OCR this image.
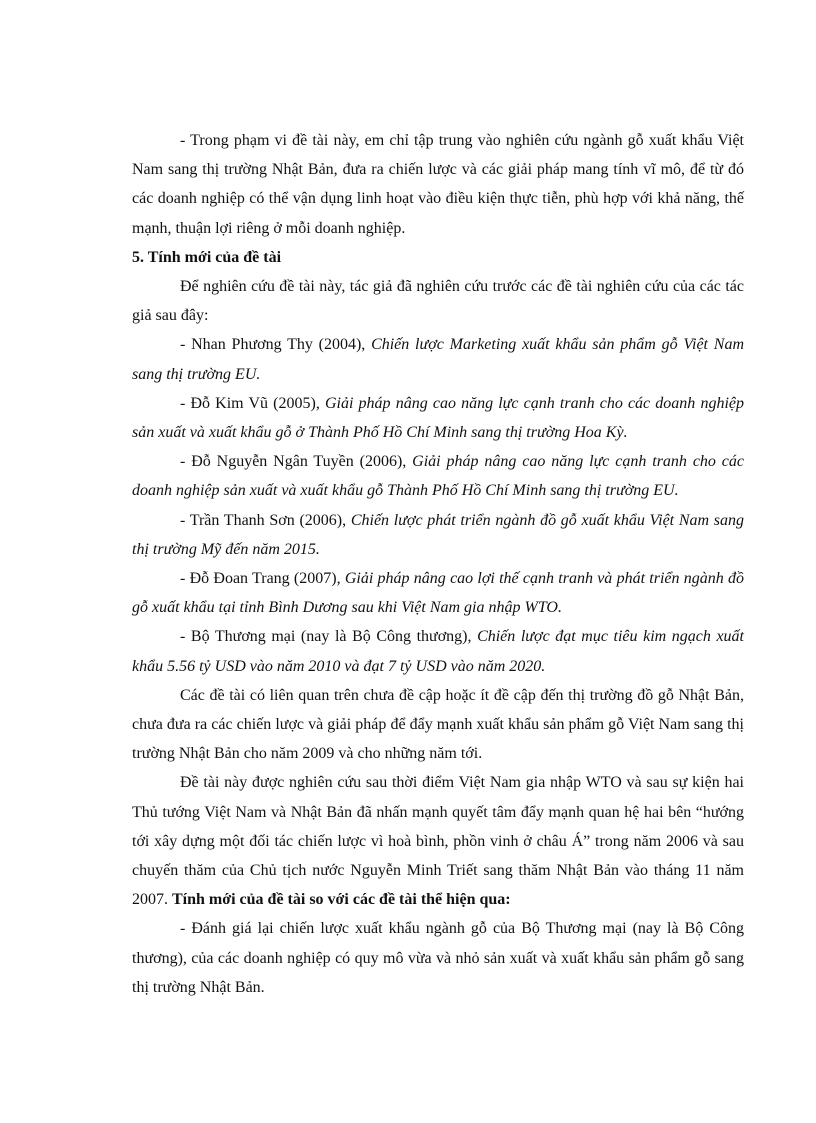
- Trong phạm vi đề tài này, em chỉ tập trung vào nghiên cứu ngành gỗ xuất khẩu Việt Nam sang thị trường Nhật Bản, đưa ra chiến lược và các giải pháp mang tính vĩ mô, để từ đó các doanh nghiệp có thể vận dụng linh hoạt vào điều kiện thực tiễn, phù hợp với khả năng, thế mạnh, thuận lợi riêng ở mỗi doanh nghiệp.

5. Tính mới của đề tài

Để nghiên cứu đề tài này, tác giả đã nghiên cứu trước các đề tài nghiên cứu của các tác giả sau đây:

- Nhan Phương Thy (2004), Chiến lược Marketing xuất khẩu sản phẩm gỗ Việt Nam sang thị trường EU.

- Đỗ Kim Vũ (2005), Giải pháp nâng cao năng lực cạnh tranh cho các doanh nghiệp sản xuất và xuất khẩu gỗ ở Thành Phố Hồ Chí Minh sang thị trường Hoa Kỳ.

- Đỗ Nguyễn Ngân Tuyền (2006), Giải pháp nâng cao năng lực cạnh tranh cho các doanh nghiệp sản xuất và xuất khẩu gỗ Thành Phố Hồ Chí Minh sang thị trường EU.

- Trần Thanh Sơn (2006), Chiến lược phát triển ngành đồ gỗ xuất khẩu Việt Nam sang thị trường Mỹ đến năm 2015.

- Đỗ Đoan Trang (2007), Giải pháp nâng cao lợi thế cạnh tranh và phát triển ngành đồ gỗ xuất khẩu tại tỉnh Bình Dương sau khi Việt Nam gia nhập WTO.

- Bộ Thương mại (nay là Bộ Công thương), Chiến lược đạt mục tiêu kim ngạch xuất khẩu 5.56 tỷ USD vào năm 2010 và đạt 7 tỷ USD vào năm 2020.

Các đề tài có liên quan trên chưa đề cập hoặc ít đề cập đến thị trường đồ gỗ Nhật Bản, chưa đưa ra các chiến lược và giải pháp để đẩy mạnh xuất khẩu sản phẩm gỗ Việt Nam sang thị trường Nhật Bản cho năm 2009 và cho những năm tới.

Đề tài này được nghiên cứu sau thời điểm Việt Nam gia nhập WTO và sau sự kiện hai Thủ tướng Việt Nam và Nhật Bản đã nhấn mạnh quyết tâm đẩy mạnh quan hệ hai bên “hướng tới xây dựng một đối tác chiến lược vì hoà bình, phồn vinh ở châu Á” trong năm 2006 và sau chuyến thăm của Chủ tịch nước Nguyễn Minh Triết sang thăm Nhật Bản vào tháng 11 năm 2007. Tính mới của đề tài so với các đề tài thể hiện qua:

- Đánh giá lại chiến lược xuất khẩu ngành gỗ của Bộ Thương mại (nay là Bộ Công thương), của các doanh nghiệp có quy mô vừa và nhỏ sản xuất và xuất khẩu sản phẩm gỗ sang thị trường Nhật Bản.
